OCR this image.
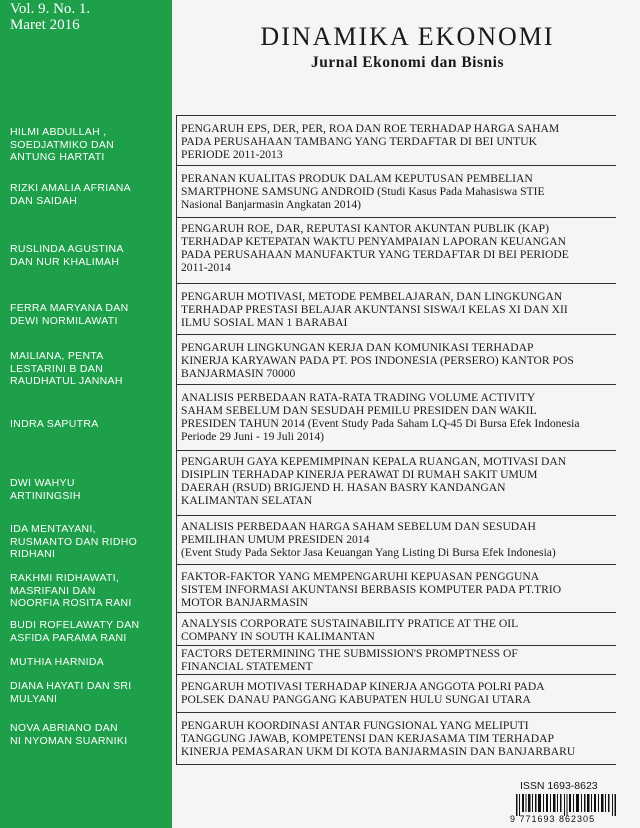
Vol. 9. No. 1.
Maret 2016	DINAMIKA EKONOMI
Jurnal Ekonomi dan Bisnis
HILMI ABDULLAH ,
SOEDJATMIKO DAN
ANTUNG HARTATI
RIZKI AMALIA AFRIANA
DAN SAIDAH
RUSLINDA AGUSTINA
DAN NUR KHALIMAH
FERRA MARYANA DAN
DEWI NORMILAWATI
MAILIANA, PENTA
LESTARINI B DAN
RAUDHATUL JANNAH
INDRA SAPUTRA
DWI WAHYU
ARTININGSIH
IDA MENTAYANI,
RUSMANTO DAN RIDHO
RIDHANI
RAKHMI RIDHAWATI,
MASRIFANI DAN
NOORFIA ROSITA RANI
BUDI ROFELAWATY DAN
ASFIDA PARAMA RANI
MUTHIA HARNIDA
DIANA HAYATI DAN SRI
MULYANI
NOVA ABRIANO DAN
NI NYOMAN SUARNIKI
PENGARUH EPS, DER, PER, ROA DAN ROE TERHADAP HARGA SAHAM
PADA PERUSAHAAN TAMBANG YANG TERDAFTAR DI BEI UNTUK
PERIODE 2011-2013
PERANAN KUALITAS PRODUK DALAM KEPUTUSAN PEMBELIAN
SMARTPHONE SAMSUNG ANDROID (Studi Kasus Pada Mahasiswa STIE
Nasional Banjarmasin Angkatan 2014)
PENGARUH ROE, DAR, REPUTASI KANTOR AKUNTAN PUBLIK (KAP)
TERHADAP KETEPATAN WAKTU PENYAMPAIAN LAPORAN KEUANGAN
PADA PERUSAHAAN MANUFAKTUR YANG TERDAFTAR DI BEI PERIODE
2011-2014
PENGARUH MOTIVASI, METODE PEMBELAJARAN, DAN LINGKUNGAN
TERHADAP PRESTASI BELAJAR AKUNTANSI SISWA/I KELAS XI DAN XII
ILMU SOSIAL MAN 1 BARABAI
PENGARUH LINGKUNGAN KERJA DAN KOMUNIKASI TERHADAP
KINERJA KARYAWAN PADA PT. POS INDONESIA (PERSERO) KANTOR POS
BANJARMASIN 70000
ANALISIS PERBEDAAN RATA-RATA TRADING VOLUME ACTIVITY
SAHAM SEBELUM DAN SESUDAH PEMILU PRESIDEN DAN WAKIL
PRESIDEN TAHUN 2014 (Event Study Pada Saham LQ-45 Di Bursa Efek Indonesia
Periode 29 Juni - 19 Juli 2014)
PENGARUH GAYA KEPEMIMPINAN KEPALA RUANGAN, MOTIVASI DAN
DISIPLIN TERHADAP KINERJA PERAWAT DI RUMAH SAKIT UMUM
DAERAH (RSUD) BRIGJEND H. HASAN BASRY KANDANGAN
KALIMANTAN SELATAN
ANALISIS PERBEDAAN HARGA SAHAM SEBELUM DAN SESUDAH
PEMILIHAN UMUM PRESIDEN 2014
(Event Study Pada Sektor Jasa Keuangan Yang Listing Di Bursa Efek Indonesia)
FAKTOR-FAKTOR YANG MEMPENGARUHI KEPUASAN PENGGUNA
SISTEM INFORMASI AKUNTANSI BERBASIS KOMPUTER PADA PT.TRIO
MOTOR BANJARMASIN
ANALYSIS CORPORATE SUSTAINABILITY PRATICE AT THE OIL
COMPANY IN SOUTH KALIMANTAN
FACTORS DETERMINING THE SUBMISSION'S PROMPTNESS OF
FINANCIAL STATEMENT
PENGARUH MOTIVASI TERHADAP KINERJA ANGGOTA POLRI PADA
POLSEK DANAU PANGGANG KABUPATEN HULU SUNGAI UTARA
PENGARUH KOORDINASI ANTAR FUNGSIONAL YANG MELIPUTI
TANGGUNG JAWAB, KOMPETENSI DAN KERJASAMA TIM TERHADAP
KINERJA PEMASARAN UKM DI KOTA BANJARMASIN DAN BANJARBARU
ISSN 1693-8623
9 771693 862305
